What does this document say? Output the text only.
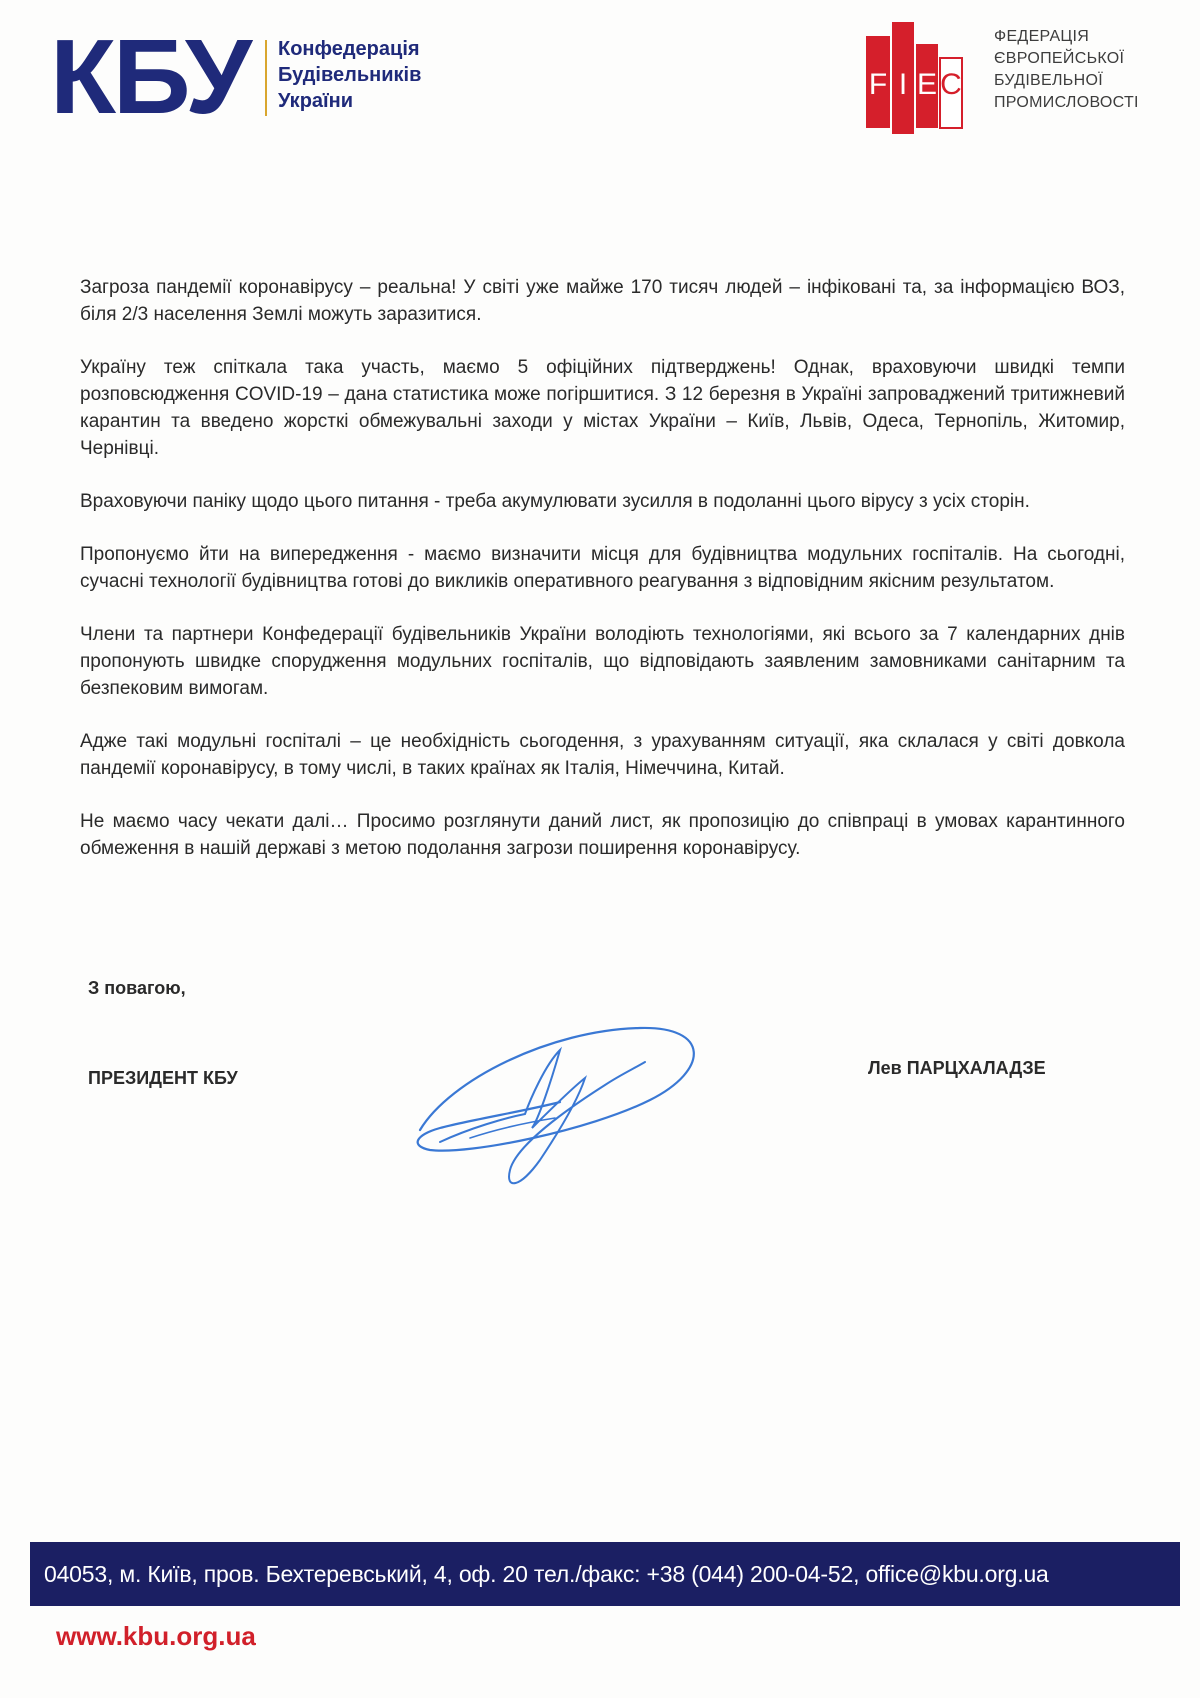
КБУ Конфедерація
Будівельників
України	F I E C
ФЕДЕРАЦІЯ
ЄВРОПЕЙСЬКОЇ
БУДІВЕЛЬНОЇ
ПРОМИСЛОВОСТІ

Загроза пандемії коронавірусу – реальна! У світі уже майже 170 тисяч людей – інфіковані та, за інформацією ВОЗ, біля 2/3 населення Землі можуть заразитися.

Україну теж спіткала така участь, маємо 5 офіційних підтверджень! Однак, враховуючи швидкі темпи розповсюдження COVID-19 – дана статистика може погіршитися. З 12 березня в Україні запроваджений тритижневий карантин та введено жорсткі обмежувальні заходи у містах України – Київ, Львів, Одеса, Тернопіль, Житомир, Чернівці.

Враховуючи паніку щодо цього питання - треба акумулювати зусилля в подоланні цього вірусу з усіх сторін.

Пропонуємо йти на випередження - маємо визначити місця для будівництва модульних госпіталів. На сьогодні, сучасні технології будівництва готові до викликів оперативного реагування з відповідним якісним результатом.

Члени та партнери Конфедерації будівельників України володіють технологіями, які всього за 7 календарних днів пропонують швидке спорудження модульних госпіталів, що відповідають заявленим замовниками санітарним та безпековим вимогам.

Адже такі модульні госпіталі – це необхідність сьогодення, з урахуванням ситуації, яка склалася у світі довкола пандемії коронавірусу, в тому числі, в таких країнах як Італія, Німеччина, Китай.

Не маємо часу чекати далі… Просимо розглянути даний лист, як пропозицію до співпраці в умовах карантинного обмеження в нашій державі з метою подолання загрози поширення коронавірусу.

З повагою,
ПРЕЗИДЕНТ КБУ	Лев ПАРЦХАЛАДЗЕ
04053, м. Київ, пров. Бехтеревський, 4, оф. 20 тел./факс: +38 (044) 200-04-52, office@kbu.org.ua
www.kbu.org.ua
